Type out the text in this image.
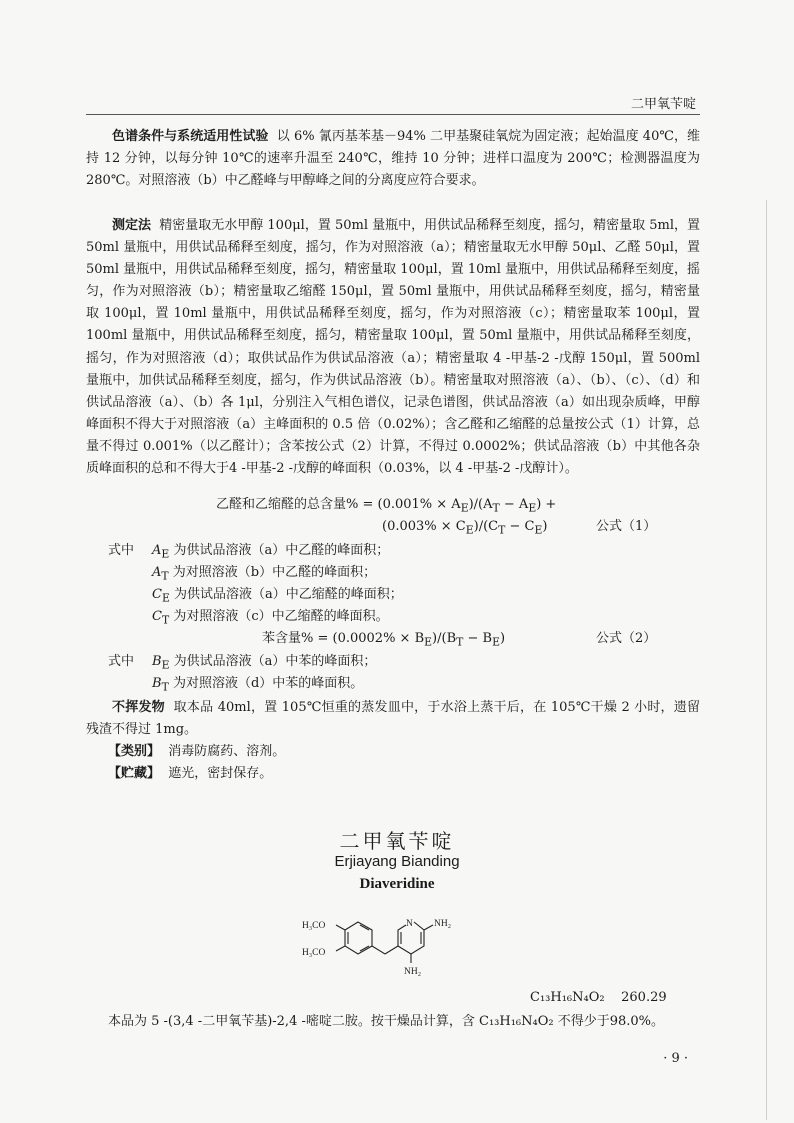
二甲氧苄啶

色谱条件与系统适用性试验 以 6% 氰丙基苯基－94% 二甲基聚硅氧烷为固定液；起始温度 40℃，维持 12 分钟，以每分钟 10℃的速率升温至 240℃，维持 10 分钟；进样口温度为 200℃；检测器温度为 280℃。对照溶液（b）中乙醛峰与甲醇峰之间的分离度应符合要求。

测定法 精密量取无水甲醇 100μl，置 50ml 量瓶中，用供试品稀释至刻度，摇匀，精密量取 5ml，置 50ml 量瓶中，用供试品稀释至刻度，摇匀，作为对照溶液（a）；精密量取无水甲醇 50μl、乙醛 50μl，置 50ml 量瓶中，用供试品稀释至刻度，摇匀，精密量取 100μl，置 10ml 量瓶中，用供试品稀释至刻度，摇匀，作为对照溶液（b）；精密量取乙缩醛 150μl，置 50ml 量瓶中，用供试品稀释至刻度，摇匀，精密量取 100μl，置 10ml 量瓶中，用供试品稀释至刻度，摇匀，作为对照溶液（c）；精密量取苯 100μl，置 100ml 量瓶中，用供试品稀释至刻度，摇匀，精密量取 100μl，置 50ml 量瓶中，用供试品稀释至刻度，摇匀，作为对照溶液（d）；取供试品作为供试品溶液（a）；精密量取 4 -甲基-2 -戊醇 150μl，置 500ml 量瓶中，加供试品稀释至刻度，摇匀，作为供试品溶液（b）。精密量取对照溶液（a）、（b）、（c）、（d）和供试品溶液（a）、（b）各 1μl，分别注入气相色谱仪，记录色谱图，供试品溶液（a）如出现杂质峰，甲醇峰面积不得大于对照溶液（a）主峰面积的 0.5 倍（0.02%）；含乙醛和乙缩醛的总量按公式（1）计算，总量不得过 0.001%（以乙醛计）；含苯按公式（2）计算，不得过 0.0002%；供试品溶液（b）中其他各杂质峰面积的总和不得大于4 -甲基-2 -戊醇的峰面积（0.03%，以 4 -甲基-2 -戊醇计）。

乙醛和乙缩醛的总含量% = $(0.001\% \times A_E)/(A_T - A_E)$ +
$(0.003\% \times C_E)/(C_T - C_E)$	公式（1）
式中 $A_E$ 为供试品溶液（a）中乙醛的峰面积；
$A_T$ 为对照溶液（b）中乙醛的峰面积；
$C_E$ 为供试品溶液（a）中乙缩醛的峰面积；
$C_T$ 为对照溶液（c）中乙缩醛的峰面积。
苯含量% = $(0.0002\% \times B_E)/(B_T - B_E)$	公式（2）
式中 $B_E$ 为供试品溶液（a）中苯的峰面积；
$B_T$ 为对照溶液（d）中苯的峰面积。

不挥发物 取本品 40ml，置 105℃恒重的蒸发皿中，于水浴上蒸干后，在 105℃干燥 2 小时，遗留残渣不得过 1mg。

【类别】 消毒防腐药、溶剂。
【贮藏】 遮光，密封保存。
二甲氧苄啶
Erjiayang Bianding
Diaveridine
H₃CO
H₃CO
N NH₂
NH₂
C₁₃H₁₆N₄O₂ 260.29
本品为 5 -(3,4 -二甲氧苄基)-2,4 -嘧啶二胺。按干燥品计算，含 C₁₃H₁₆N₄O₂ 不得少于98.0%。
· 9 ·
